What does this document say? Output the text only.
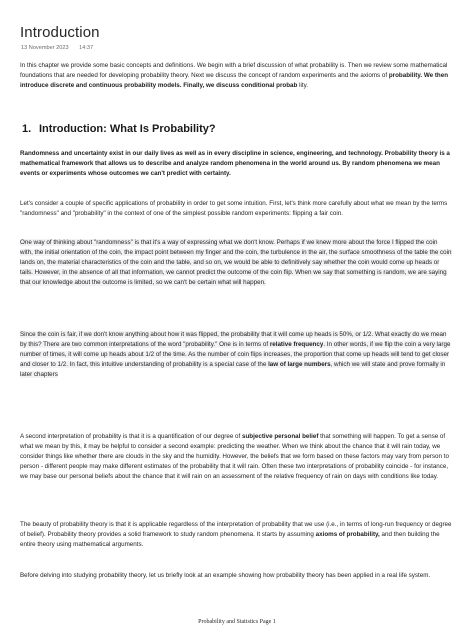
Introduction
13 November 2023 14:37

In this chapter we provide some basic concepts and definitions. We begin with a brief discussion of what probability is. Then we review some mathematical foundations that are needed for developing probability theory. Next we discuss the concept of random experiments and the axioms of probability. We then introduce discrete and continuous probability models. Finally, we discuss conditional probab lity.

1. Introduction: What Is Probability?

Randomness and uncertainty exist in our daily lives as well as in every discipline in science, engineering, and technology. Probability theory is a mathematical framework that allows us to describe and analyze random phenomena in the world around us. By random phenomena we mean events or experiments whose outcomes we can't predict with certainty.

Let's consider a couple of specific applications of probability in order to get some intuition. First, let's think more carefully about what we mean by the terms "randomness" and "probability" in the context of one of the simplest possible random experiments: flipping a fair coin.

One way of thinking about "randomness" is that it's a way of expressing what we don't know. Perhaps if we knew more about the force I flipped the coin with, the initial orientation of the coin, the impact point between my finger and the coin, the turbulence in the air, the surface smoothness of the table the coin lands on, the material characteristics of the coin and the table, and so on, we would be able to definitively say whether the coin would come up heads or tails. However, in the absence of all that information, we cannot predict the outcome of the coin flip. When we say that something is random, we are saying that our knowledge about the outcome is limited, so we can't be certain what will happen.

Since the coin is fair, if we don't know anything about how it was flipped, the probability that it will come up heads is 50%, or 1/2. What exactly do we mean by this? There are two common interpretations of the word "probability." One is in terms of relative frequency. In other words, if we flip the coin a very large number of times, it will come up heads about 1/2 of the time. As the number of coin flips increases, the proportion that come up heads will tend to get closer and closer to 1/2. In fact, this intuitive understanding of probability is a special case of the law of large numbers, which we will state and prove formally in later chapters

A second interpretation of probability is that it is a quantification of our degree of subjective personal belief that something will happen. To get a sense of what we mean by this, it may be helpful to consider a second example: predicting the weather. When we think about the chance that it will rain today, we consider things like whether there are clouds in the sky and the humidity. However, the beliefs that we form based on these factors may vary from person to person - different people may make different estimates of the probability that it will rain. Often these two interpretations of probability coincide - for instance, we may base our personal beliefs about the chance that it will rain on an assessment of the relative frequency of rain on days with conditions like today.

The beauty of probability theory is that it is applicable regardless of the interpretation of probability that we use (i.e., in terms of long-run frequency or degree of belief). Probability theory provides a solid framework to study random phenomena. It starts by assuming axioms of probability, and then building the entire theory using mathematical arguments.

Before delving into studying probability theory, let us briefly look at an example showing how probability theory has been applied in a real life system.

Probability and Statistics Page 1
